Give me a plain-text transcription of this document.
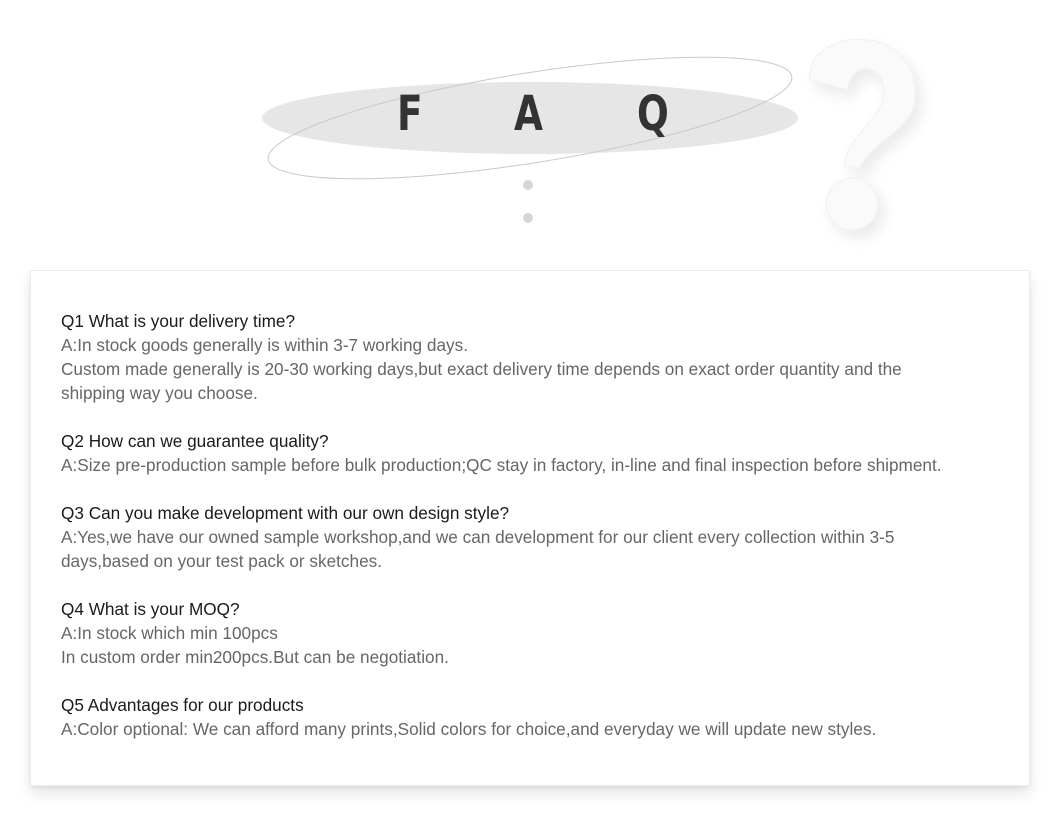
F A Q
Q1 What is your delivery time?
A:In stock goods generally is within 3-7 working days.
Custom made generally is 20-30 working days,but exact delivery time depends on exact order quantity and the
shipping way you choose.
Q2 How can we guarantee quality?
A:Size pre-production sample before bulk production;QC stay in factory, in-line and final inspection before shipment.
Q3 Can you make development with our own design style?
A:Yes,we have our owned sample workshop,and we can development for our client every collection within 3-5
days,based on your test pack or sketches.
Q4 What is your MOQ?
A:In stock which min 100pcs
In custom order min200pcs.But can be negotiation.
Q5 Advantages for our products
A:Color optional: We can afford many prints,Solid colors for choice,and everyday we will update new styles.
